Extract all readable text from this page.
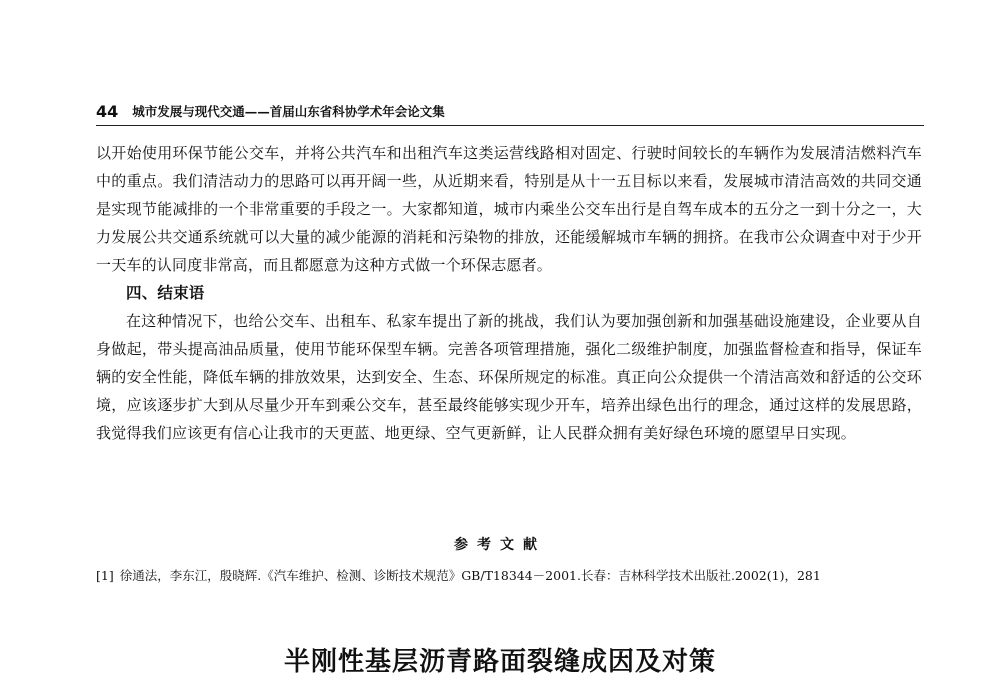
44 城市发展与现代交通——首届山东省科协学术年会论文集

以开始使用环保节能公交车，并将公共汽车和出租汽车这类运营线路相对固定、行驶时间较长的车辆作为发展清洁燃料汽车中的重点。我们清洁动力的思路可以再开阔一些，从近期来看，特别是从十一五目标以来看，发展城市清洁高效的共同交通是实现节能减排的一个非常重要的手段之一。大家都知道，城市内乘坐公交车出行是自驾车成本的五分之一到十分之一，大力发展公共交通系统就可以大量的减少能源的消耗和污染物的排放，还能缓解城市车辆的拥挤。在我市公众调查中对于少开一天车的认同度非常高，而且都愿意为这种方式做一个环保志愿者。

四、结束语

在这种情况下，也给公交车、出租车、私家车提出了新的挑战，我们认为要加强创新和加强基础设施建设，企业要从自身做起，带头提高油品质量，使用节能环保型车辆。完善各项管理措施，强化二级维护制度，加强监督检查和指导，保证车辆的安全性能，降低车辆的排放效果，达到安全、生态、环保所规定的标准。真正向公众提供一个清洁高效和舒适的公交环境，应该逐步扩大到从尽量少开车到乘公交车，甚至最终能够实现少开车，培养出绿色出行的理念，通过这样的发展思路，我觉得我们应该更有信心让我市的天更蓝、地更绿、空气更新鲜，让人民群众拥有美好绿色环境的愿望早日实现。

参考文献
[1] 徐通法，李东江，殷晓辉.《汽车维护、检测、诊断技术规范》GB/T18344－2001.长春：吉林科学技术出版社.2002(1)，281
半刚性基层沥青路面裂缝成因及对策
